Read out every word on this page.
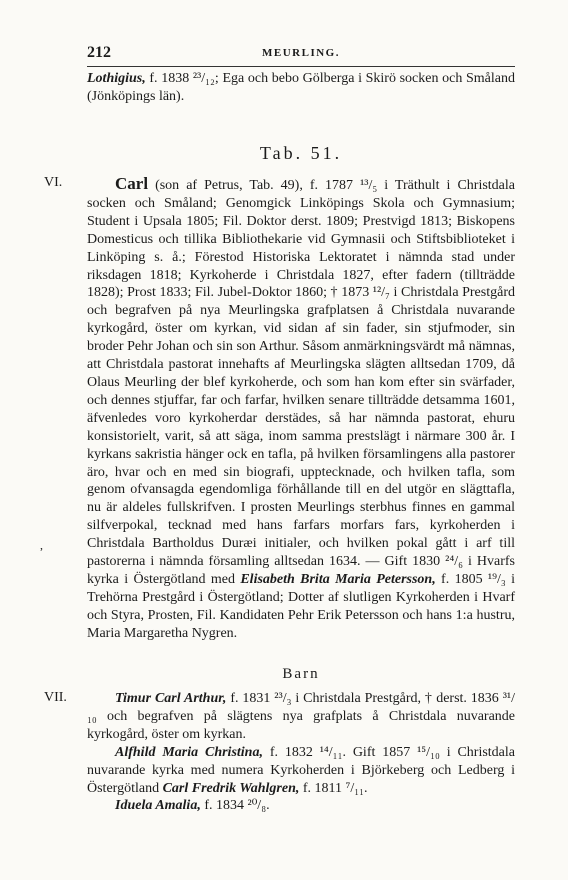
212	MEURLING.
Lothigius, f. 1838 ²³/₁₂; Ega och bebo Gölberga i Skirö socken och Småland (Jönköpings län).
Tab. 51.
VI.	Carl (son af Petrus, Tab. 49), f. 1787 ¹³/₅ i Träthult i Christdala socken och Småland; Genomgick Linköpings Skola och Gymnasium; Student i Upsala 1805; Fil. Doktor derst. 1809; Prestvigd 1813; Biskopens Domesticus och tillika Bibliothekarie vid Gymnasii och Stiftsbiblioteket i Linköping s. å.; Förestod Historiska Lektoratet i nämnda stad under riksdagen 1818; Kyrkoherde i Christdala 1827, efter fadern (tillträdde 1828); Prost 1833; Fil. Jubel-Doktor 1860; † 1873 ¹²/₇ i Christdala Prestgård och begrafven på nya Meurlingska grafplatsen å Christdala nuvarande kyrkogård, öster om kyrkan, vid sidan af sin fader, sin stjufmoder, sin broder Pehr Johan och sin son Arthur. Såsom anmärkningsvärdt må nämnas, att Christdala pastorat innehafts af Meurlingska slägten alltsedan 1709, då Olaus Meurling der blef kyrkoherde, och som han kom efter sin svärfader, och dennes stjuffar, far och farfar, hvilken senare tillträdde detsamma 1601, äfvenledes voro kyrkoherdar derstädes, så har nämnda pastorat, ehuru konsistorielt, varit, så att säga, inom samma prestslägt i närmare 300 år. I kyrkans sakristia hänger ock en tafla, på hvilken församlingens alla pastorer äro, hvar och en med sin biografi, upptecknade, och hvilken tafla, som genom ofvansagda egendomliga förhållande till en del utgör en slägttafla, nu är aldeles fullskrifven. I prosten Meurlings sterbhus finnes en gammal silfverpokal, tecknad med hans farfars morfars fars, kyrkoherden i Christdala Bartholdus Duræi initialer, och hvilken pokal gått i arf till pastorerna i nämnda församling alltsedan 1634. — Gift 1830 ²⁴/₆ i Hvarfs kyrka i Östergötland med Elisabeth Brita Maria Petersson, f. 1805 ¹⁹/₃ i Trehörna Prestgård i Östergötland; Dotter af slutligen Kyrkoherden i Hvarf och Styra, Prosten, Fil. Kandidaten Pehr Erik Petersson och hans 1:a hustru, Maria Margaretha Nygren.
Barn
VII.	Timur Carl Arthur, f. 1831 ²³/₃ i Christdala Prestgård, † derst. 1836 ³¹/₁₀ och begrafven på slägtens nya grafplats å Christdala nuvarande kyrkogård, öster om kyrkan.
Alfhild Maria Christina, f. 1832 ¹⁴/₁₁. Gift 1857 ¹⁵/₁₀ i Christdala nuvarande kyrka med numera Kyrkoherden i Björkeberg och Ledberg i Östergötland Carl Fredrik Wahlgren, f. 1811 ⁷/₁₁.
Iduela Amalia, f. 1834 ²⁰/₈.
,
